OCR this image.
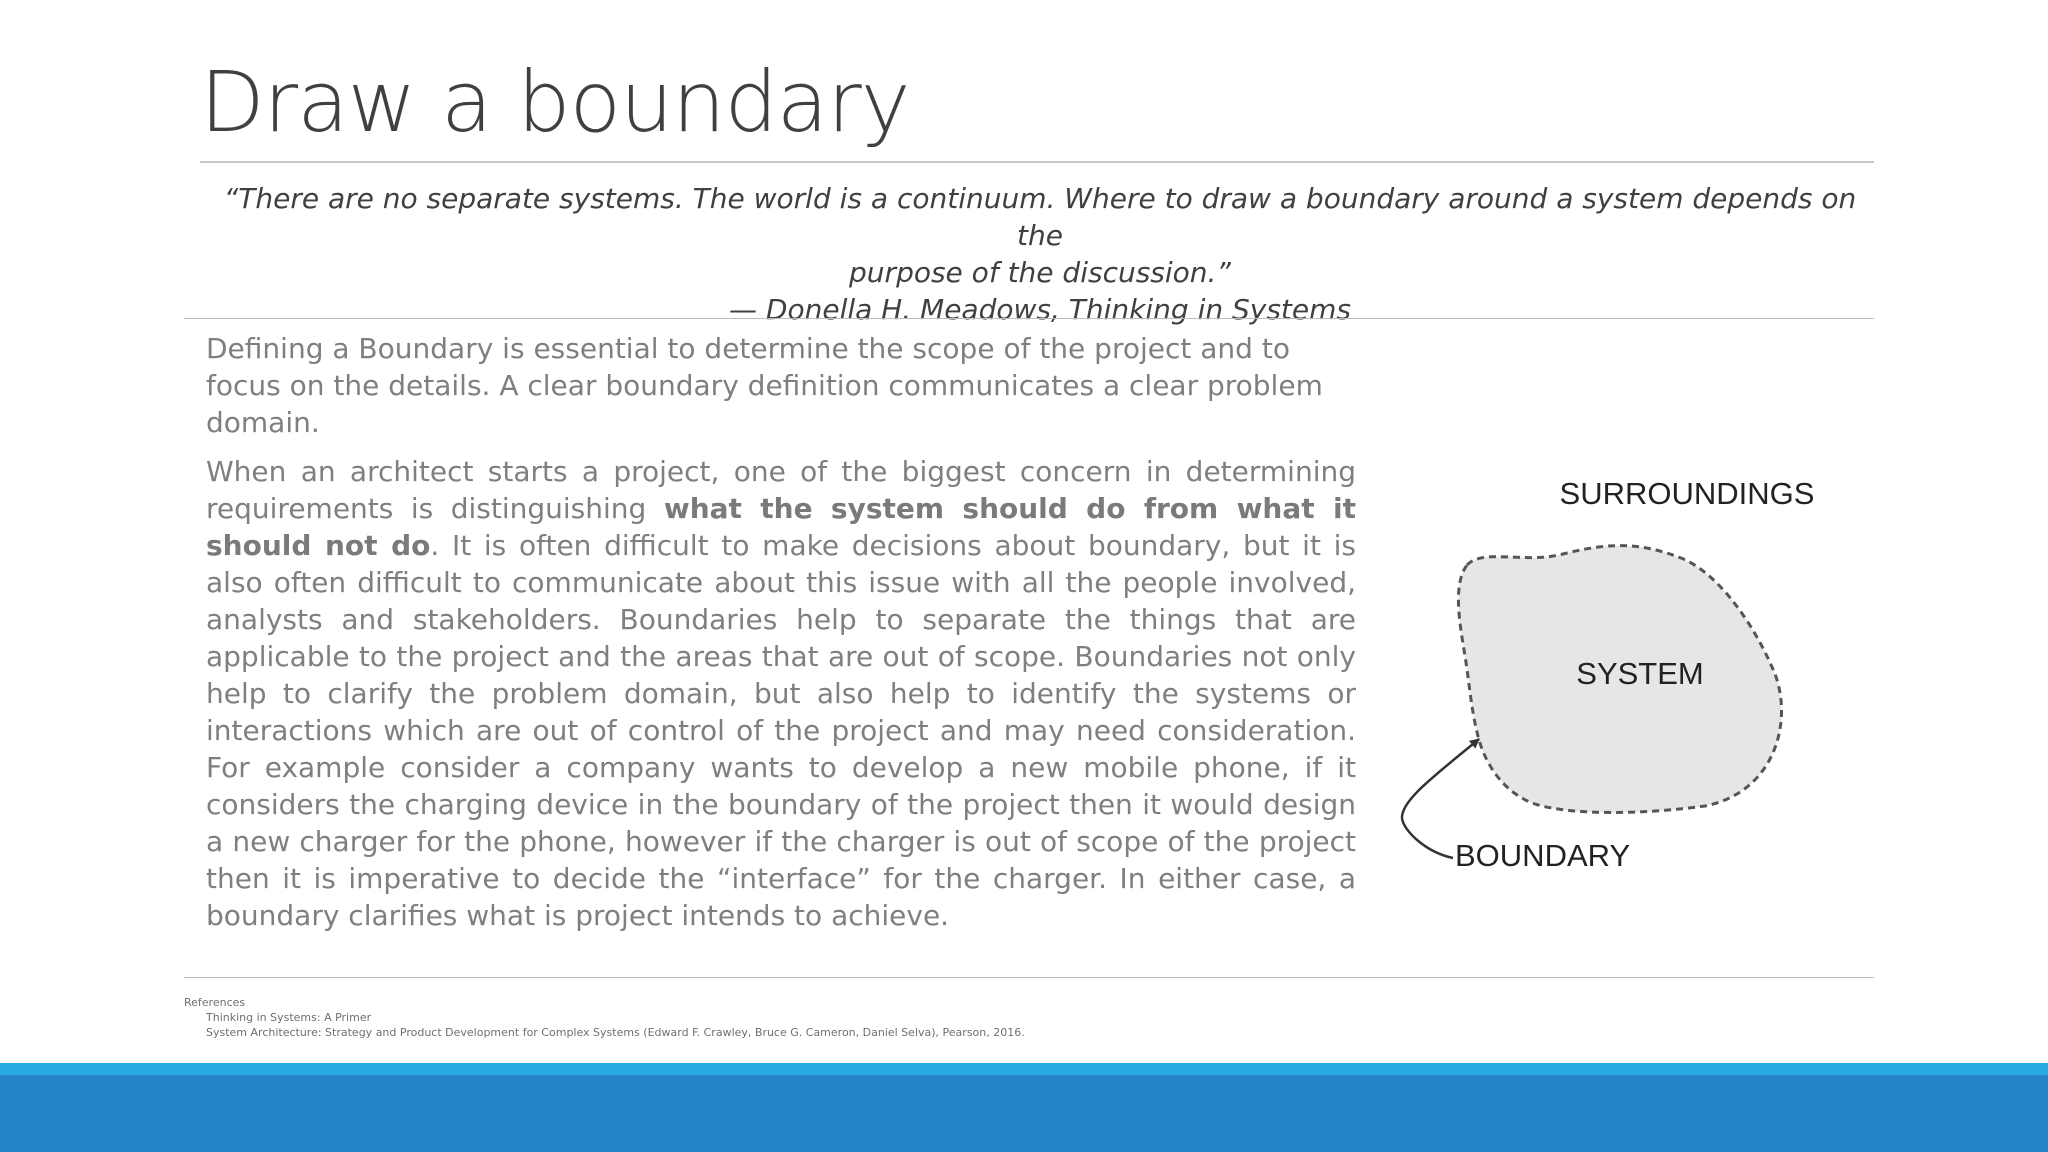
Draw a boundary

“There are no separate systems. The world is a continuum. Where to draw a boundary around a system depends on the

purpose of the discussion.”

— Donella H. Meadows, Thinking in Systems

Defining a Boundary is essential to determine the scope of the project and to focus on the details. A clear boundary definition communicates a clear problem domain.

When an architect starts a project, one of the biggest concern in determining requirements is distinguishing what the system should do from what it should not do. It is often difficult to make decisions about boundary, but it is also often difficult to communicate about this issue with all the people involved, analysts and stakeholders. Boundaries help to separate the things that are applicable to the project and the areas that are out of scope. Boundaries not only help to clarify the problem domain, but also help to identify the systems or interactions which are out of control of the project and may need consideration. For example consider a company wants to develop a new mobile phone, if it considers the charging device in the boundary of the project then it would design a new charger for the phone, however if the charger is out of scope of the project then it is imperative to decide the “interface” for the charger. In either case, a boundary clarifies what is project intends to achieve.

SURROUNDINGS
SYSTEM
BOUNDARY
References
Thinking in Systems: A Primer
System Architecture: Strategy and Product Development for Complex Systems (Edward F. Crawley, Bruce G. Cameron, Daniel Selva), Pearson, 2016.
